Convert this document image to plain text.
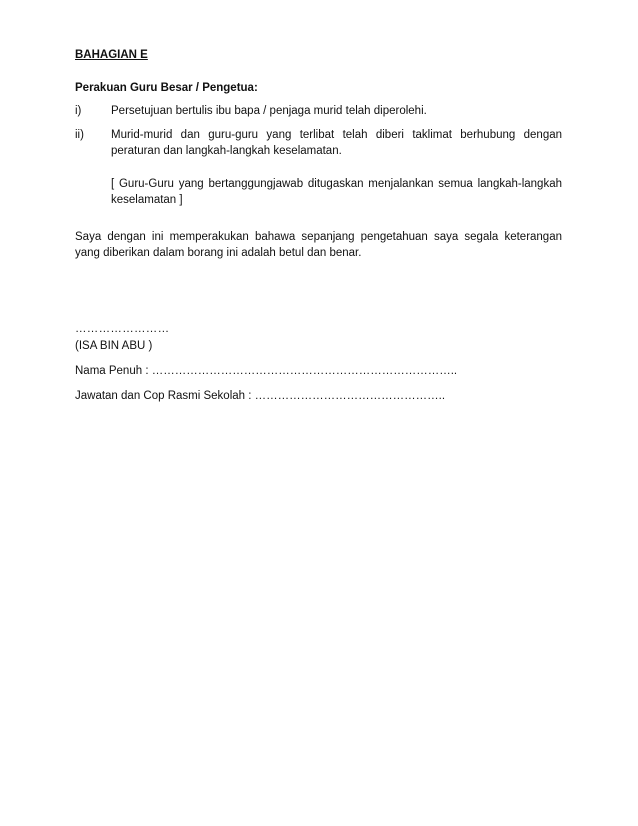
BAHAGIAN E
Perakuan Guru Besar / Pengetua:
i)	Persetujuan bertulis ibu bapa / penjaga murid telah diperolehi.
ii) Murid-murid dan guru-guru yang terlibat telah diberi taklimat berhubung dengan peraturan dan langkah-langkah keselamatan.
[ Guru-Guru yang bertanggungjawab ditugaskan menjalankan semua langkah-langkah keselamatan ]
Saya dengan ini memperakukan bahawa sepanjang pengetahuan saya segala keterangan yang diberikan dalam borang ini adalah betul dan benar.
……………………
(ISA BIN ABU )
Nama Penuh : ……………………………………………………………………..
Jawatan dan Cop Rasmi Sekolah : …………………………………………..
